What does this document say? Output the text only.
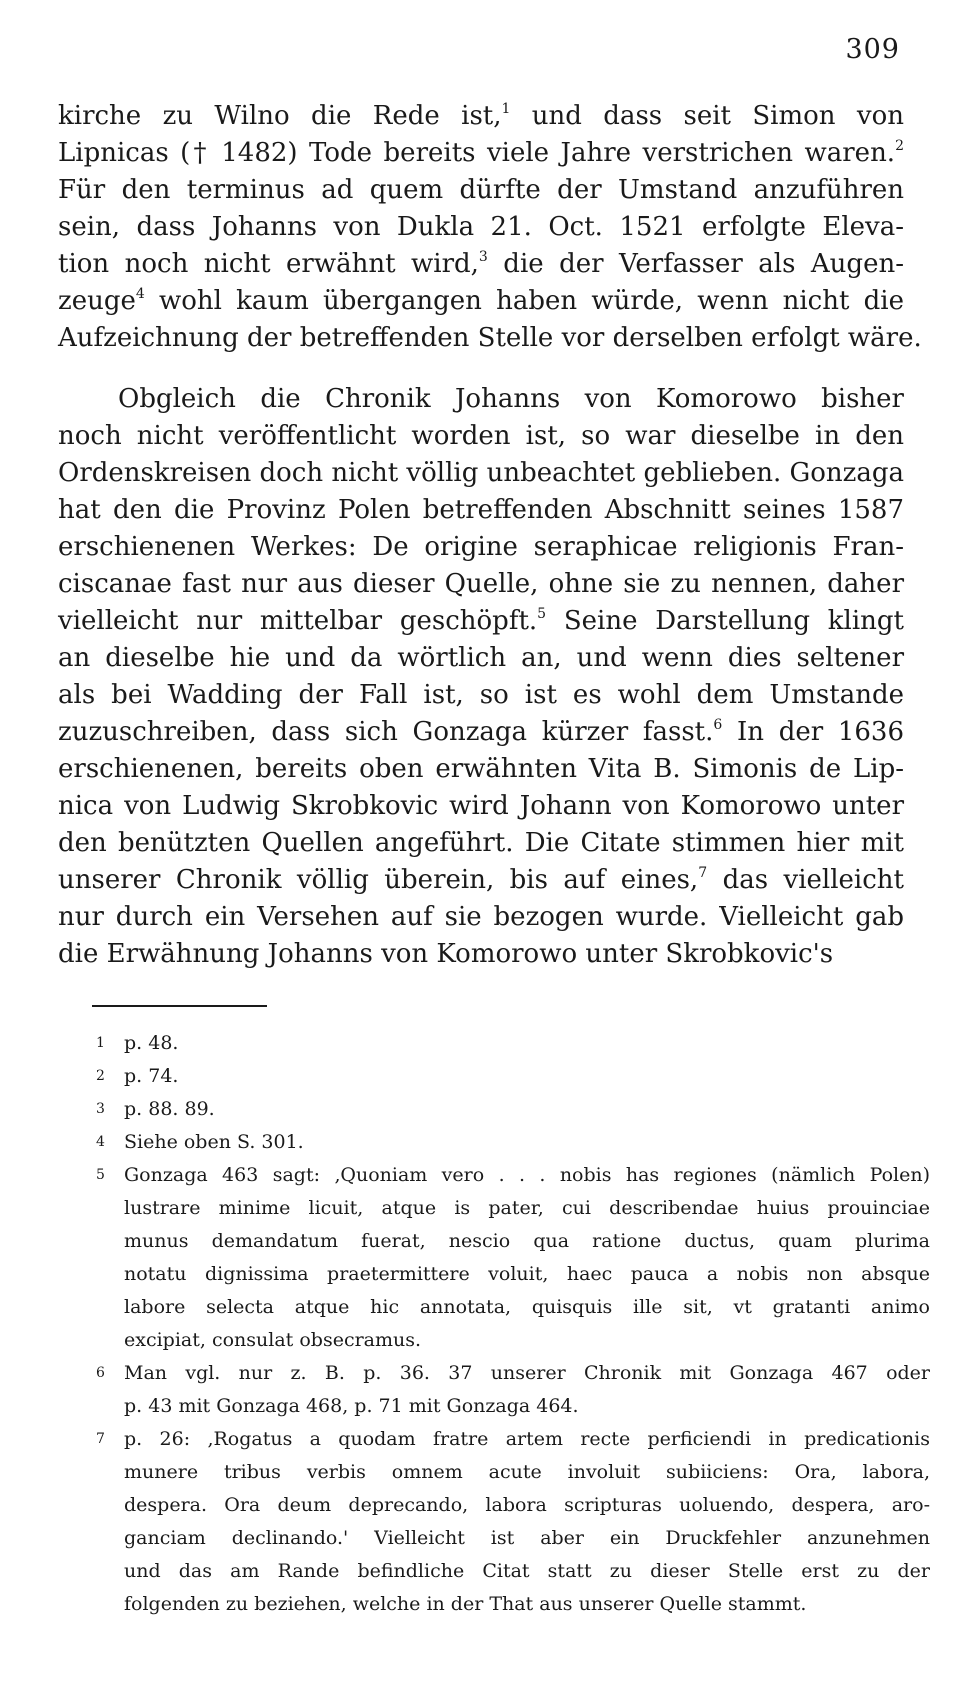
309
kirche zu Wilno die Rede ist,$^1$ und dass seit Simon von
Lipnicas († 1482) Tode bereits viele Jahre verstrichen waren.$^2$
Für den terminus ad quem dürfte der Umstand anzuführen
sein, dass Johanns von Dukla 21. Oct. 1521 erfolgte Eleva-
tion noch nicht erwähnt wird,$^3$ die der Verfasser als Augen-
zeuge$^4$ wohl kaum übergangen haben würde, wenn nicht die
Aufzeichnung der betreffenden Stelle vor derselben erfolgt wäre.
Obgleich die Chronik Johanns von Komorowo bisher
noch nicht veröffentlicht worden ist, so war dieselbe in den
Ordenskreisen doch nicht völlig unbeachtet geblieben. Gonzaga
hat den die Provinz Polen betreffenden Abschnitt seines 1587
erschienenen Werkes: De origine seraphicae religionis Fran-
ciscanae fast nur aus dieser Quelle, ohne sie zu nennen, daher
vielleicht nur mittelbar geschöpft.$^5$ Seine Darstellung klingt
an dieselbe hie und da wörtlich an, und wenn dies seltener
als bei Wadding der Fall ist, so ist es wohl dem Umstande
zuzuschreiben, dass sich Gonzaga kürzer fasst.$^6$ In der 1636
erschienenen, bereits oben erwähnten Vita B. Simonis de Lip-
nica von Ludwig Skrobkovic wird Johann von Komorowo unter
den benützten Quellen angeführt. Die Citate stimmen hier mit
unserer Chronik völlig überein, bis auf eines,$^7$ das vielleicht
nur durch ein Versehen auf sie bezogen wurde. Vielleicht gab
die Erwähnung Johanns von Komorowo unter Skrobkovic's
1	p. 48.
2	p. 74.
3	p. 88. 89.
4	Siehe oben S. 301.
5	Gonzaga 463 sagt: ‚Quoniam vero . . . nobis has regiones (nämlich Polen)
lustrare minime licuit, atque is pater, cui describendae huius prouinciae
munus demandatum fuerat, nescio qua ratione ductus, quam plurima
notatu dignissima praetermittere voluit, haec pauca a nobis non absque
labore selecta atque hic annotata, quisquis ille sit, vt gratanti animo
excipiat, consulat obsecramus.
6	Man vgl. nur z. B. p. 36. 37 unserer Chronik mit Gonzaga 467 oder
p. 43 mit Gonzaga 468, p. 71 mit Gonzaga 464.
7	p. 26: ‚Rogatus a quodam fratre artem recte perficiendi in predicationis
munere tribus verbis omnem acute involuit subiiciens: Ora, labora,
despera. Ora deum deprecando, labora scripturas uoluendo, despera, aro-
ganciam declinando.' Vielleicht ist aber ein Druckfehler anzunehmen
und das am Rande befindliche Citat statt zu dieser Stelle erst zu der
folgenden zu beziehen, welche in der That aus unserer Quelle stammt.
